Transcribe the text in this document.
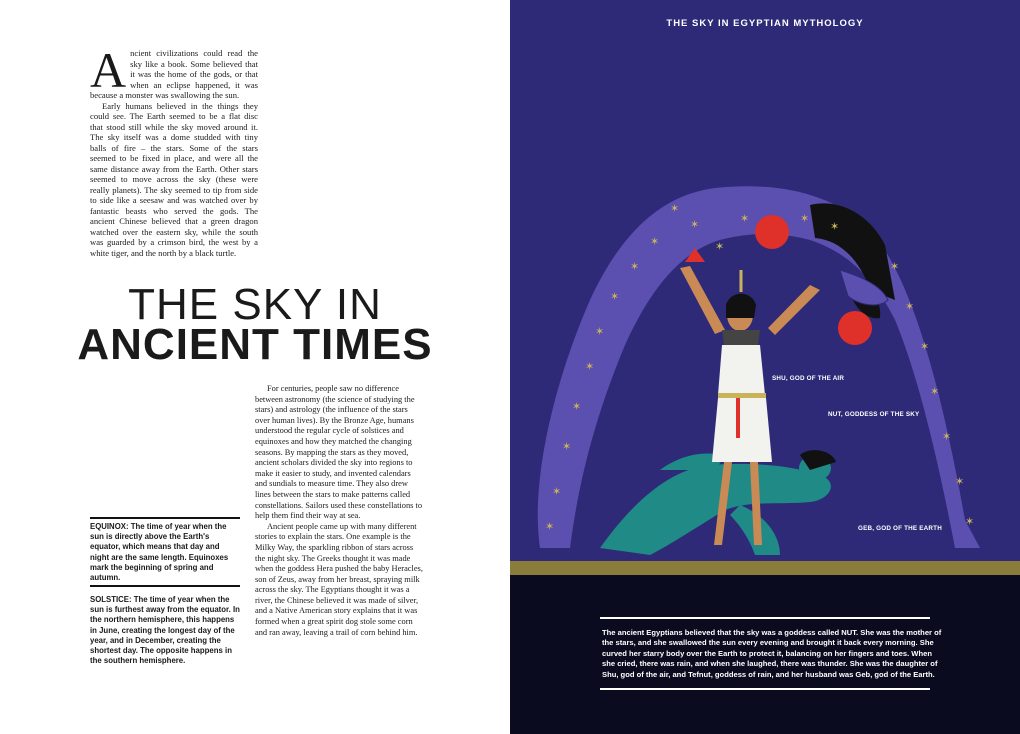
Ancient civilizations could read the sky like a book. Some believed that it was the home of the gods, or that when an eclipse happened, it was because a monster was swallowing the sun.

Early humans believed in the things they could see. The Earth seemed to be a flat disc that stood still while the sky moved around it. The sky itself was a dome studded with tiny balls of fire – the stars. Some of the stars seemed to be fixed in place, and were all the same distance away from the Earth. Other stars seemed to move across the sky (these were really planets). The sky seemed to tip from side to side like a seesaw and was watched over by fantastic beasts who served the gods. The ancient Chinese believed that a green dragon watched over the eastern sky, while the south was guarded by a crimson bird, the west by a white tiger, and the north by a black turtle.

THE SKY IN
ANCIENT TIMES
EQUINOX: The time of year when the sun is directly above the Earth's equator, which means that day and night are the same length. Equinoxes mark the beginning of spring and autumn.
SOLSTICE: The time of year when the sun is furthest away from the equator. In the northern hemisphere, this happens in June, creating the longest day of the year, and in December, creating the shortest day. The opposite happens in the southern hemisphere.

For centuries, people saw no difference between astronomy (the science of studying the stars) and astrology (the influence of the stars over human lives). By the Bronze Age, humans understood the regular cycle of solstices and equinoxes and how they matched the changing seasons. By mapping the stars as they moved, ancient scholars divided the sky into regions to make it easier to study, and invented calendars and sundials to measure time. They also drew lines between the stars to make patterns called constellations. Sailors used these constellations to help them find their way at sea.

Ancient people came up with many different stories to explain the stars. One example is the Milky Way, the sparkling ribbon of stars across the night sky. The Greeks thought it was made when the goddess Hera pushed the baby Heracles, son of Zeus, away from her breast, spraying milk across the sky. The Egyptians thought it was a river, the Chinese believed it was made of silver, and a Native American story explains that it was formed when a great spirit dog stole some corn and ran away, leaving a trail of corn behind him.

THE SKY IN EGYPTIAN MYTHOLOGY
✶
✶
✶	✶
✶
✶
✶
✶
✶
✶
✶
✶
✶	✶
✶
✶
✶
✶
✶
✶
✶
✶
SHU, GOD OF THE AIR
NUT, GODDESS OF THE SKY
GEB, GOD OF THE EARTH
The ancient Egyptians believed that the sky was a goddess called NUT. She was the mother of the stars, and she swallowed the sun every evening and brought it back every morning. She curved her starry body over the Earth to protect it, balancing on her fingers and toes. When she cried, there was rain, and when she laughed, there was thunder. She was the daughter of Shu, god of the air, and Tefnut, goddess of rain, and her husband was Geb, god of the Earth.
